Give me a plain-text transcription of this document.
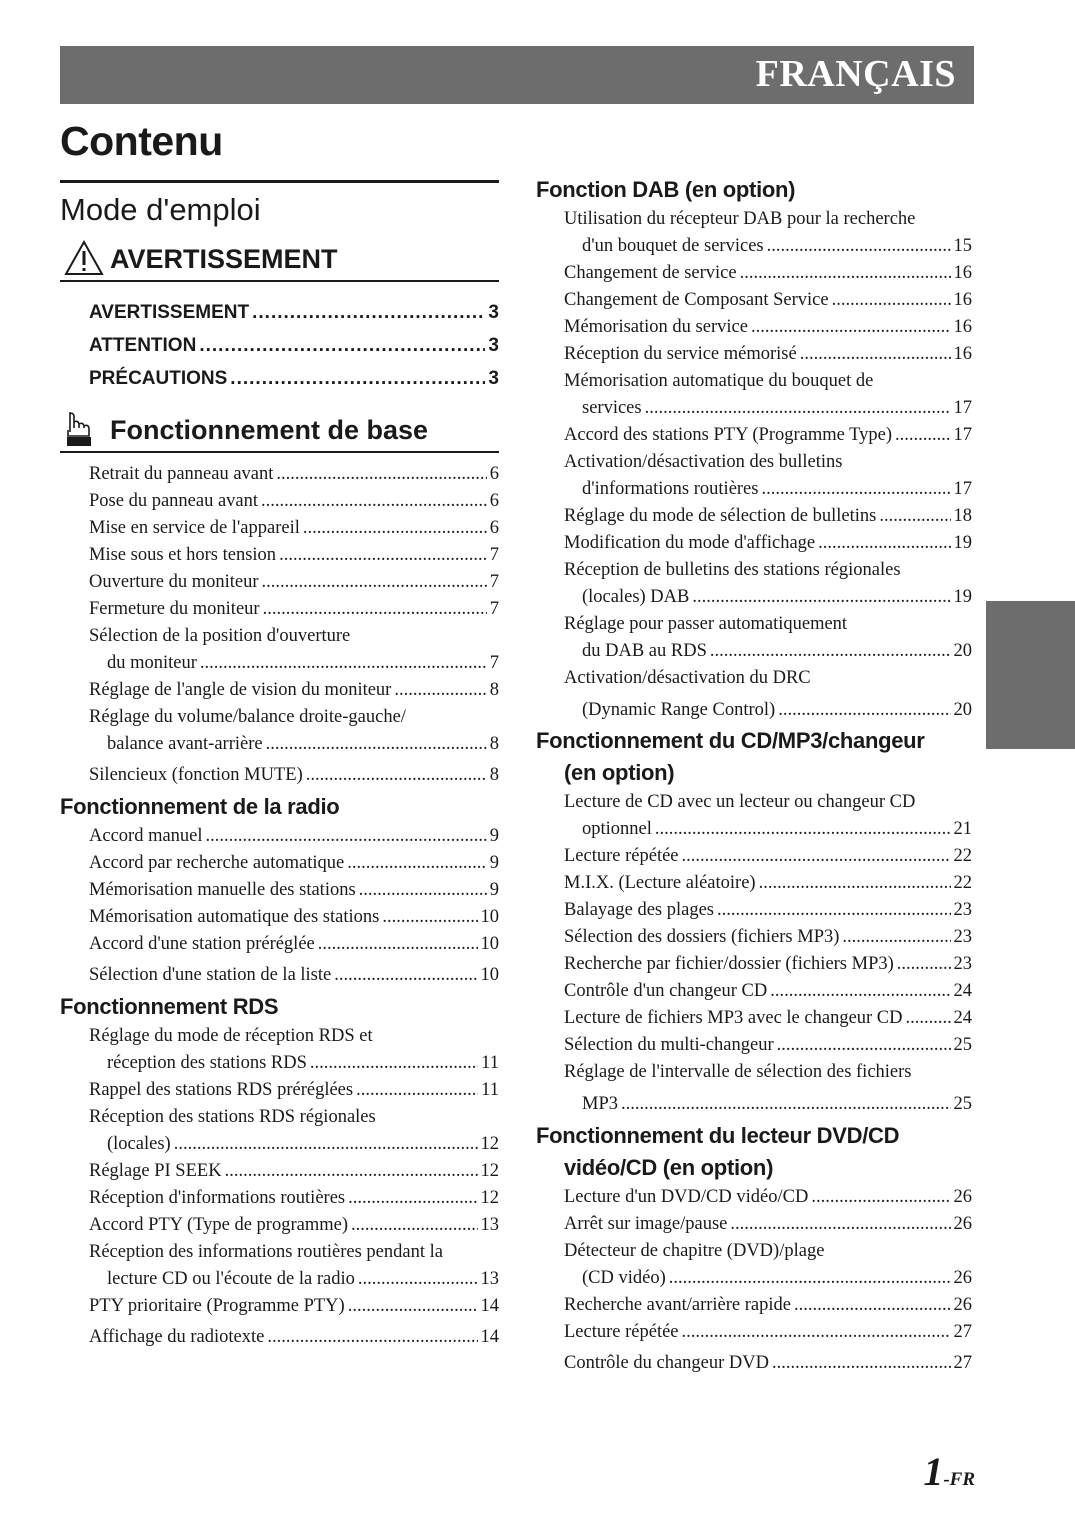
FRANÇAIS
Contenu
Mode d'emploi
AVERTISSEMENT
AVERTISSEMENT .....	3
ATTENTION .....	3
PRÉCAUTIONS .....	3
Fonctionnement de base
Retrait du panneau avant .....	6
Pose du panneau avant .....	6
Mise en service de l'appareil .....	6
Mise sous et hors tension .....	7
Ouverture du moniteur .....	7
Fermeture du moniteur .....	7
Sélection de la position d'ouverture
du moniteur .....	7
Réglage de l'angle de vision du moniteur .....	8
Réglage du volume/balance droite-gauche/
balance avant-arrière .....	8
Silencieux (fonction MUTE) .....	8
Fonctionnement de la radio
Accord manuel .....	9
Accord par recherche automatique .....	9
Mémorisation manuelle des stations .....	9
Mémorisation automatique des stations .....	10
Accord d'une station préréglée .....	10
Sélection d'une station de la liste .....	10
Fonctionnement RDS
Réglage du mode de réception RDS et
réception des stations RDS .....	11
Rappel des stations RDS préréglées .....	11
Réception des stations RDS régionales
(locales) .....	12
Réglage PI SEEK .....	12
Réception d'informations routières .....	12
Accord PTY (Type de programme) .....	13
Réception des informations routières pendant la
lecture CD ou l'écoute de la radio .....	13
PTY prioritaire (Programme PTY) .....	14
Affichage du radiotexte .....	14
Fonction DAB (en option)
Utilisation du récepteur DAB pour la recherche
d'un bouquet de services .....	15
Changement de service .....	16
Changement de Composant Service .....	16
Mémorisation du service .....	16
Réception du service mémorisé .....	16
Mémorisation automatique du bouquet de
services .....	17
Accord des stations PTY (Programme Type) .....	17
Activation/désactivation des bulletins
d'informations routières .....	17
Réglage du mode de sélection de bulletins .....	18
Modification du mode d'affichage .....	19
Réception de bulletins des stations régionales
(locales) DAB .....	19
Réglage pour passer automatiquement
du DAB au RDS .....	20
Activation/désactivation du DRC
(Dynamic Range Control) .....	20
Fonctionnement du CD/MP3/changeur
(en option)
Lecture de CD avec un lecteur ou changeur CD
optionnel .....	21
Lecture répétée .....	22
M.I.X. (Lecture aléatoire) .....	22
Balayage des plages .....	23
Sélection des dossiers (fichiers MP3) .....	23
Recherche par fichier/dossier (fichiers MP3) .....	23
Contrôle d'un changeur CD .....	24
Lecture de fichiers MP3 avec le changeur CD .....	24
Sélection du multi-changeur .....	25
Réglage de l'intervalle de sélection des fichiers
MP3 .....	25
Fonctionnement du lecteur DVD/CD
vidéo/CD (en option)
Lecture d'un DVD/CD vidéo/CD .....	26
Arrêt sur image/pause .....	26
Détecteur de chapitre (DVD)/plage
(CD vidéo) .....	26
Recherche avant/arrière rapide .....	26
Lecture répétée .....	27
Contrôle du changeur DVD .....	27
1-FR
